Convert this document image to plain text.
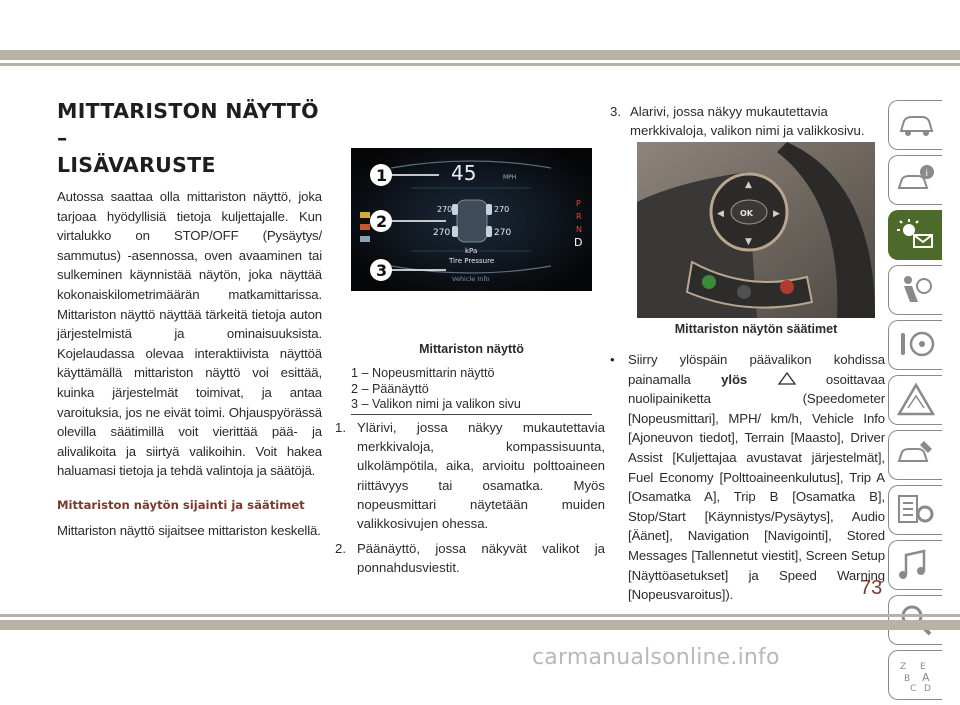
MITTARISTON NÄYTTÖ –
LISÄVARUSTE

Autossa saattaa olla mittariston näyttö, joka tarjoaa hyödyllisiä tietoja kuljettajalle. Kun virtalukko on STOP/OFF (Pysäytys/ sammutus) -asennossa, oven avaaminen tai sulkeminen käynnistää näytön, joka näyttää kokonaiskilometrimäärän matkamittarissa. Mittariston näyttö näyttää tärkeitä tietoja auton järjestelmistä ja ominaisuuksista. Kojelaudassa olevaa interaktiivista näyttöä käyttämällä mittariston näyttö voi esittää, kuinka järjestelmät toimivat, ja antaa varoituksia, jos ne eivät toimi. Ohjauspyörässä olevilla säätimillä voit vierittää pää- ja alivalikoita ja siirtyä valikoihin. Voit hakea haluamasi tietoja ja tehdä valintoja ja säätöjä.

Mittariston näytön sijainti ja säätimet

Mittariston näyttö sijaitsee mittariston keskellä.

45	MPH
270	270
270	270
kPa
Tire Pressure
Vehicle Info
P
R
N
D
1
2
3
Mittariston näyttö
1 – Nopeusmittarin näyttö
2 – Päänäyttö
3 – Valikon nimi ja valikon sivu
1. Ylärivi, jossa näkyy mukautettavia merkkivaloja, kompassisuunta, ulkolämpötila, aika, arvioitu polttoaineen riittävyys tai osamatka. Myös nopeusmittari näytetään muiden valikkosivujen ohessa.
2. Päänäyttö, jossa näkyvät valikot ja ponnahdusviestit.
3. Alarivi, jossa näkyy mukautettavia merkkivaloja, valikon nimi ja valikkosivu.
OK
▲
▼
◀	▶
Mittariston näytön säätimet
•	Siirry ylöspäin päävalikon kohdissa painamalla ylös	osoittavaa nuolipainiketta (Speedometer [Nopeusmittari], MPH/ km/h, Vehicle Info [Ajoneuvon tiedot], Terrain [Maasto], Driver Assist [Kuljettajaa avustavat järjestelmät], Fuel Economy [Polttoaineenkulutus], Trip A [Osamatka A], Trip B [Osamatka B], Stop/Start [Käynnistys/Pysäytys], Audio [Äänet], Navigation [Navigointi], Stored Messages [Tallennetut viestit], Screen Setup [Näyttöasetukset] ja Speed Warning [Nopeusvaroitus]).	73
i
Z
B
E
A
C D
carmanualsonline.info
